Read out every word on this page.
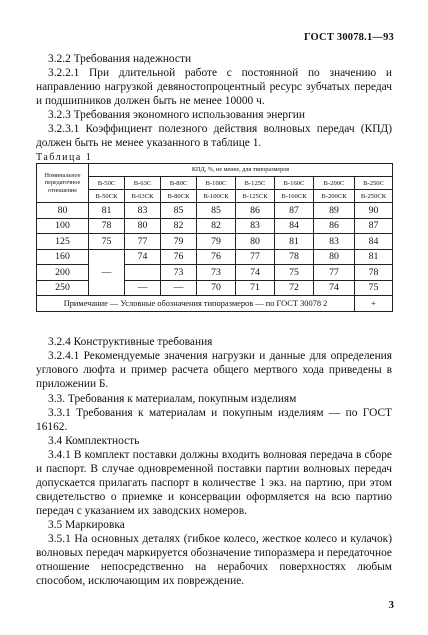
ГОСТ 30078.1—93
3.2.2 Требования надежности
3.2.2.1 При длительной работе с постоянной по значению и направлению нагрузкой девяностопроцентный ресурс зубчатых передач и подшипников должен быть не менее 10000 ч.
3.2.3 Требования экономного использования энергии
3.2.3.1 Коэффициент полезного действия волновых передач (КПД) должен быть не менее указанного в таблице 1.
Таблица 1
Номинальное передаточное отношение	КПД, %, не менее, для типоразмеров							
	В-50С	В-63С	В-80С	В-100С	В-125С	В-160С	В-200С	В-250С
	В-50СК	В-63СК	В-80СК	В-100СК	В-125СК	В-160СК	В-200СК	В-250СК
80	81	83	85	85	86	87	89	90
100	78	80	82	82	83	84	86	87
125	75	77	79	79	80	81	83	84
160		74	76	76	77	78	80	81
200	—		73	73	74	75	77	78
250		—	—	70	71	72	74	75
Примечание — Условные обозначения типоразмеров — по ГОСТ 30078 2								+
3.2.4 Конструктивные требования
3.2.4.1 Рекомендуемые значения нагрузки и данные для определения углового люфта и пример расчета общего мертвого хода приведены в приложении Б.
3.3. Требования к материалам, покупным изделиям
3.3.1 Требования к материалам и покупным изделиям — по ГОСТ 16162.
3.4 Комплектность
3.4.1 В комплект поставки должны входить волновая передача в сборе и паспорт. В случае одновременной поставки партии волновых передач допускается прилагать паспорт в количестве 1 экз. на партию, при этом свидетельство о приемке и консервации оформляется на всю партию передач с указанием их заводских номеров.
3.5 Маркировка
3.5.1 На основных деталях (гибкое колесо, жесткое колесо и кулачок) волновых передач маркируется обозначение типоразмера и передаточное отношение непосредственно на нерабочих поверхностях любым способом, исключающим их повреждение.
3
